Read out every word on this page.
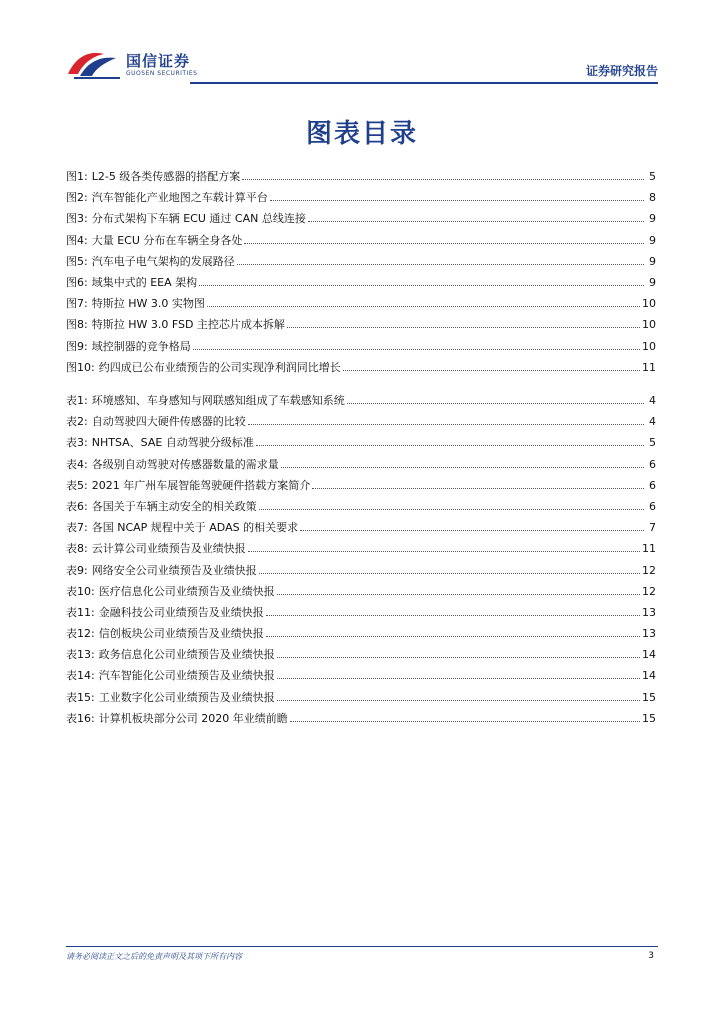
国信证券
GUOSEN SECURITIES	证券研究报告
图表目录
图1: L2-5 级各类传感器的搭配方案	5
图2: 汽车智能化产业地图之车载计算平台	8
图3: 分布式架构下车辆 ECU 通过 CAN 总线连接	9
图4: 大量 ECU 分布在车辆全身各处	9
图5: 汽车电子电气架构的发展路径	9
图6: 域集中式的 EEA 架构	9
图7: 特斯拉 HW 3.0 实物图	10
图8: 特斯拉 HW 3.0 FSD 主控芯片成本拆解	10
图9: 域控制器的竞争格局	10
图10: 约四成已公布业绩预告的公司实现净利润同比增长	11
表1: 环境感知、车身感知与网联感知组成了车载感知系统	4
表2: 自动驾驶四大硬件传感器的比较	4
表3: NHTSA、SAE 自动驾驶分级标准	5
表4: 各级别自动驾驶对传感器数量的需求量	6
表5: 2021 年广州车展智能驾驶硬件搭载方案简介	6
表6: 各国关于车辆主动安全的相关政策	6
表7: 各国 NCAP 规程中关于 ADAS 的相关要求	7
表8: 云计算公司业绩预告及业绩快报	11
表9: 网络安全公司业绩预告及业绩快报	12
表10: 医疗信息化公司业绩预告及业绩快报	12
表11: 金融科技公司业绩预告及业绩快报	13
表12: 信创板块公司业绩预告及业绩快报	13
表13: 政务信息化公司业绩预告及业绩快报	14
表14: 汽车智能化公司业绩预告及业绩快报	14
表15: 工业数字化公司业绩预告及业绩快报	15
表16: 计算机板块部分公司 2020 年业绩前瞻	15
请务必阅读正文之后的免责声明及其项下所有内容	3
